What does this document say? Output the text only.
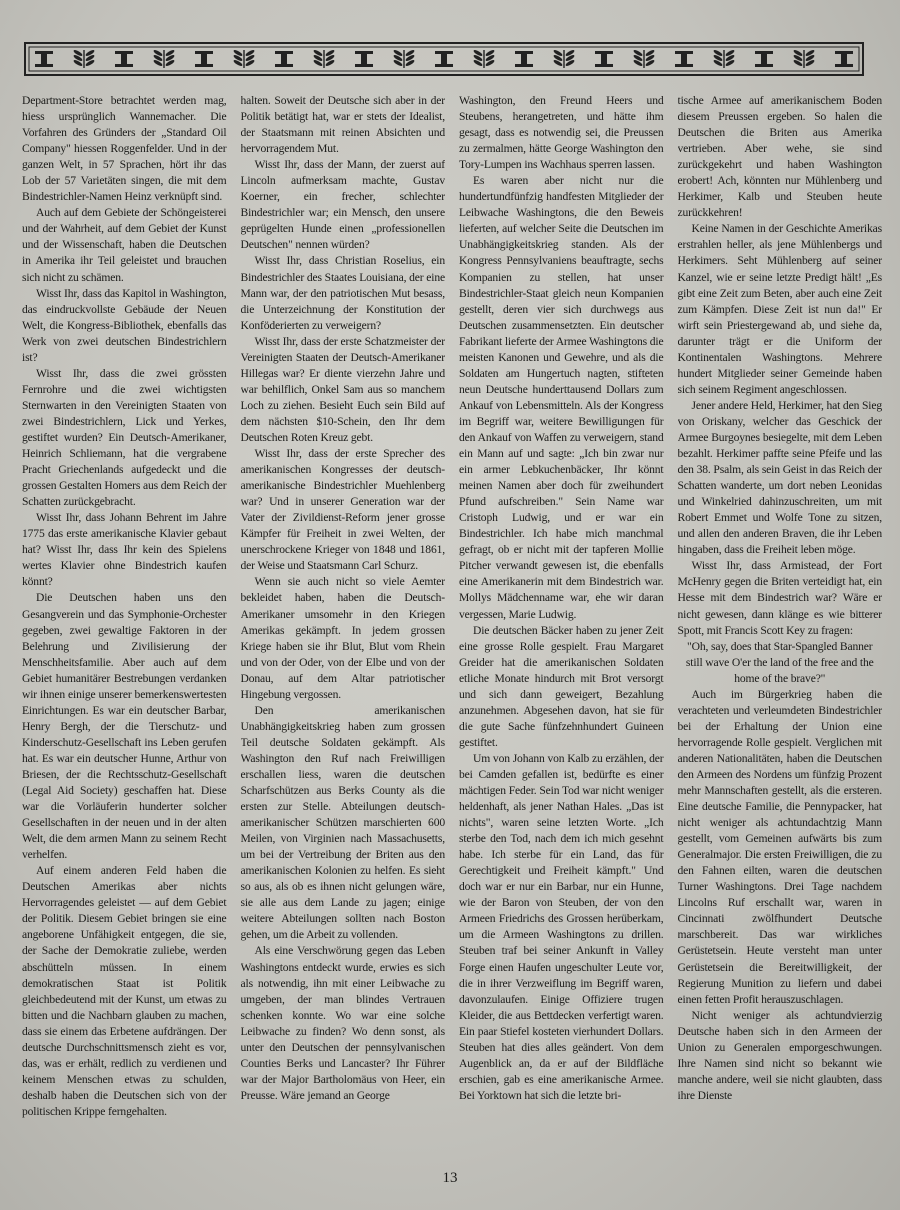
Department-Store betrachtet werden mag, hiess ursprünglich Wannemacher. Die Vorfahren des Gründers der „Standard Oil Company" hiessen Roggenfelder. Und in der ganzen Welt, in 57 Sprachen, hört ihr das Lob der 57 Varietäten singen, die mit dem Bindestrichler-Namen Heinz verknüpft sind.

Auch auf dem Gebiete der Schöngeisterei und der Wahrheit, auf dem Gebiet der Kunst und der Wissenschaft, haben die Deutschen in Amerika ihr Teil geleistet und brauchen sich nicht zu schämen.

Wisst Ihr, dass das Kapitol in Washington, das eindruckvollste Gebäude der Neuen Welt, die Kongress-Bibliothek, ebenfalls das Werk von zwei deutschen Bindestrichlern ist?

Wisst Ihr, dass die zwei grössten Fernrohre und die zwei wichtigsten Sternwarten in den Vereinigten Staaten von zwei Bindestrichlern, Lick und Yerkes, gestiftet wurden? Ein Deutsch-Amerikaner, Heinrich Schliemann, hat die vergrabene Pracht Griechenlands aufgedeckt und die grossen Gestalten Homers aus dem Reich der Schatten zurückgebracht.

Wisst Ihr, dass Johann Behrent im Jahre 1775 das erste amerikanische Klavier gebaut hat? Wisst Ihr, dass Ihr kein des Spielens wertes Klavier ohne Bindestrich kaufen könnt?

Die Deutschen haben uns den Gesangverein und das Symphonie-Orchester gegeben, zwei gewaltige Faktoren in der Belehrung und Zivilisierung der Menschheitsfamilie. Aber auch auf dem Gebiet humanitärer Bestrebungen verdanken wir ihnen einige unserer bemerkenswertesten Einrichtungen. Es war ein deutscher Barbar, Henry Bergh, der die Tierschutz- und Kinderschutz-Gesellschaft ins Leben gerufen hat. Es war ein deutscher Hunne, Arthur von Briesen, der die Rechtsschutz-Gesellschaft (Legal Aid Society) geschaffen hat. Diese war die Vorläuferin hunderter solcher Gesellschaften in der neuen und in der alten Welt, die dem armen Mann zu seinem Recht verhelfen.

Auf einem anderen Feld haben die Deutschen Amerikas aber nichts Hervorragendes geleistet — auf dem Gebiet der Politik. Diesem Gebiet bringen sie eine angeborene Unfähigkeit entgegen, die sie, der Sache der Demokratie zuliebe, werden abschütteln müssen. In einem demokratischen Staat ist Politik gleichbedeutend mit der Kunst, um etwas zu bitten und die Nachbarn glauben zu machen, dass sie einem das Erbetene aufdrängen. Der deutsche Durchschnittsmensch zieht es vor, das, was er erhält, redlich zu verdienen und keinem Menschen etwas zu schulden, deshalb haben die Deutschen sich von der politischen Krippe ferngehalten.

halten. Soweit der Deutsche sich aber in der Politik betätigt hat, war er stets der Idealist, der Staatsmann mit reinen Absichten und hervorragendem Mut.

Wisst Ihr, dass der Mann, der zuerst auf Lincoln aufmerksam machte, Gustav Koerner, ein frecher, schlechter Bindestrichler war; ein Mensch, den unsere geprügelten Hunde einen „professionellen Deutschen" nennen würden?

Wisst Ihr, dass Christian Roselius, ein Bindestrichler des Staates Louisiana, der eine Mann war, der den patriotischen Mut besass, die Unterzeichnung der Konstitution der Konföderierten zu verweigern?

Wisst Ihr, dass der erste Schatzmeister der Vereinigten Staaten der Deutsch-Amerikaner Hillegas war? Er diente vierzehn Jahre und war behilflich, Onkel Sam aus so manchem Loch zu ziehen. Besieht Euch sein Bild auf dem nächsten $10-Schein, den Ihr dem Deutschen Roten Kreuz gebt.

Wisst Ihr, dass der erste Sprecher des amerikanischen Kongresses der deutsch-amerikanische Bindestrichler Muehlenberg war? Und in unserer Generation war der Vater der Zivildienst-Reform jener grosse Kämpfer für Freiheit in zwei Welten, der unerschrockene Krieger von 1848 und 1861, der Weise und Staatsmann Carl Schurz.

Wenn sie auch nicht so viele Aemter bekleidet haben, haben die Deutsch-Amerikaner umsomehr in den Kriegen Amerikas gekämpft. In jedem grossen Kriege haben sie ihr Blut, Blut vom Rhein und von der Oder, von der Elbe und von der Donau, auf dem Altar patriotischer Hingebung vergossen.

Den amerikanischen Unabhängigkeitskrieg haben zum grossen Teil deutsche Soldaten gekämpft. Als Washington den Ruf nach Freiwilligen erschallen liess, waren die deutschen Scharfschützen aus Berks County als die ersten zur Stelle. Abteilungen deutsch-amerikanischer Schützen marschierten 600 Meilen, von Virginien nach Massachusetts, um bei der Vertreibung der Briten aus den amerikanischen Kolonien zu helfen. Es sieht so aus, als ob es ihnen nicht gelungen wäre, sie alle aus dem Lande zu jagen; einige weitere Abteilungen sollten nach Boston gehen, um die Arbeit zu vollenden.

Als eine Verschwörung gegen das Leben Washingtons entdeckt wurde, erwies es sich als notwendig, ihn mit einer Leibwache zu umgeben, der man blindes Vertrauen schenken konnte. Wo war eine solche Leibwache zu finden? Wo denn sonst, als unter den Deutschen der pennsylvanischen Counties Berks und Lancaster? Ihr Führer war der Major Bartholomäus von Heer, ein Preusse. Wäre jemand an George

Washington, den Freund Heers und Steubens, herangetreten, und hätte ihm gesagt, dass es notwendig sei, die Preussen zu zermalmen, hätte George Washington den Tory-Lumpen ins Wachhaus sperren lassen.

Es waren aber nicht nur die hundertundfünfzig handfesten Mitglieder der Leibwache Washingtons, die den Beweis lieferten, auf welcher Seite die Deutschen im Unabhängigkeitskrieg standen. Als der Kongress Pennsylvaniens beauftragte, sechs Kompanien zu stellen, hat unser Bindestrichler-Staat gleich neun Kompanien gestellt, deren vier sich durchwegs aus Deutschen zusammensetzten. Ein deutscher Fabrikant lieferte der Armee Washingtons die meisten Kanonen und Gewehre, und als die Soldaten am Hungertuch nagten, stifteten neun Deutsche hunderttausend Dollars zum Ankauf von Lebensmitteln. Als der Kongress im Begriff war, weitere Bewilligungen für den Ankauf von Waffen zu verweigern, stand ein Mann auf und sagte: „Ich bin zwar nur ein armer Lebkuchenbäcker, Ihr könnt meinen Namen aber doch für zweihundert Pfund aufschreiben." Sein Name war Cristoph Ludwig, und er war ein Bindestrichler. Ich habe mich manchmal gefragt, ob er nicht mit der tapferen Mollie Pitcher verwandt gewesen ist, die ebenfalls eine Amerikanerin mit dem Bindestrich war. Mollys Mädchenname war, ehe wir daran vergessen, Marie Ludwig.

Die deutschen Bäcker haben zu jener Zeit eine grosse Rolle gespielt. Frau Margaret Greider hat die amerikanischen Soldaten etliche Monate hindurch mit Brot versorgt und sich dann geweigert, Bezahlung anzunehmen. Abgesehen davon, hat sie für die gute Sache fünfzehnhundert Guineen gestiftet.

Um von Johann von Kalb zu erzählen, der bei Camden gefallen ist, bedürfte es einer mächtigen Feder. Sein Tod war nicht weniger heldenhaft, als jener Nathan Hales. „Das ist nichts", waren seine letzten Worte. „Ich sterbe den Tod, nach dem ich mich gesehnt habe. Ich sterbe für ein Land, das für Gerechtigkeit und Freiheit kämpft." Und doch war er nur ein Barbar, nur ein Hunne, wie der Baron von Steuben, der von den Armeen Friedrichs des Grossen herüberkam, um die Armeen Washingtons zu drillen. Steuben traf bei seiner Ankunft in Valley Forge einen Haufen ungeschulter Leute vor, die in ihrer Verzweiflung im Begriff waren, davonzulaufen. Einige Offiziere trugen Kleider, die aus Bettdecken verfertigt waren. Ein paar Stiefel kosteten vierhundert Dollars. Steuben hat dies alles geändert. Von dem Augenblick an, da er auf der Bildfläche erschien, gab es eine amerikanische Armee. Bei Yorktown hat sich die letzte bri-

tische Armee auf amerikanischem Boden diesem Preussen ergeben. So halen die Deutschen die Briten aus Amerika vertrieben. Aber wehe, sie sind zurückgekehrt und haben Washington erobert! Ach, könnten nur Mühlenberg und Herkimer, Kalb und Steuben heute zurückkehren!

Keine Namen in der Geschichte Amerikas erstrahlen heller, als jene Mühlenbergs und Herkimers. Seht Mühlenberg auf seiner Kanzel, wie er seine letzte Predigt hält! „Es gibt eine Zeit zum Beten, aber auch eine Zeit zum Kämpfen. Diese Zeit ist nun da!" Er wirft sein Priestergewand ab, und siehe da, darunter trägt er die Uniform der Kontinentalen Washingtons. Mehrere hundert Mitglieder seiner Gemeinde haben sich seinem Regiment angeschlossen.

Jener andere Held, Herkimer, hat den Sieg von Oriskany, welcher das Geschick der Armee Burgoynes besiegelte, mit dem Leben bezahlt. Herkimer paffte seine Pfeife und las den 38. Psalm, als sein Geist in das Reich der Schatten wanderte, um dort neben Leonidas und Winkelried dahinzuschreiten, um mit Robert Emmet und Wolfe Tone zu sitzen, und allen den anderen Braven, die ihr Leben hingaben, dass die Freiheit leben möge.

Wisst Ihr, dass Armistead, der Fort McHenry gegen die Briten verteidigt hat, ein Hesse mit dem Bindestrich war? Wäre er nicht gewesen, dann klänge es wie bitterer Spott, mit Francis Scott Key zu fragen:

"Oh, say, does that Star-Spangled Banner still wave O'er the land of the free and the home of the brave?"

Auch im Bürgerkrieg haben die verachteten und verleumdeten Bindestrichler bei der Erhaltung der Union eine hervorragende Rolle gespielt. Verglichen mit anderen Nationalitäten, haben die Deutschen den Armeen des Nordens um fünfzig Prozent mehr Mannschaften gestellt, als die ersteren. Eine deutsche Familie, die Pennypacker, hat nicht weniger als achtundachtzig Mann gestellt, vom Gemeinen aufwärts bis zum Generalmajor. Die ersten Freiwilligen, die zu den Fahnen eilten, waren die deutschen Turner Washingtons. Drei Tage nachdem Lincolns Ruf erschallt war, waren in Cincinnati zwölfhundert Deutsche marschbereit. Das war wirkliches Gerüstetsein. Heute versteht man unter Gerüstetsein die Bereitwilligkeit, der Regierung Munition zu liefern und dabei einen fetten Profit herauszuschlagen.

Nicht weniger als achtundvierzig Deutsche haben sich in den Armeen der Union zu Generalen emporgeschwungen. Ihre Namen sind nicht so bekannt wie manche andere, weil sie nicht glaubten, dass ihre Dienste

13
